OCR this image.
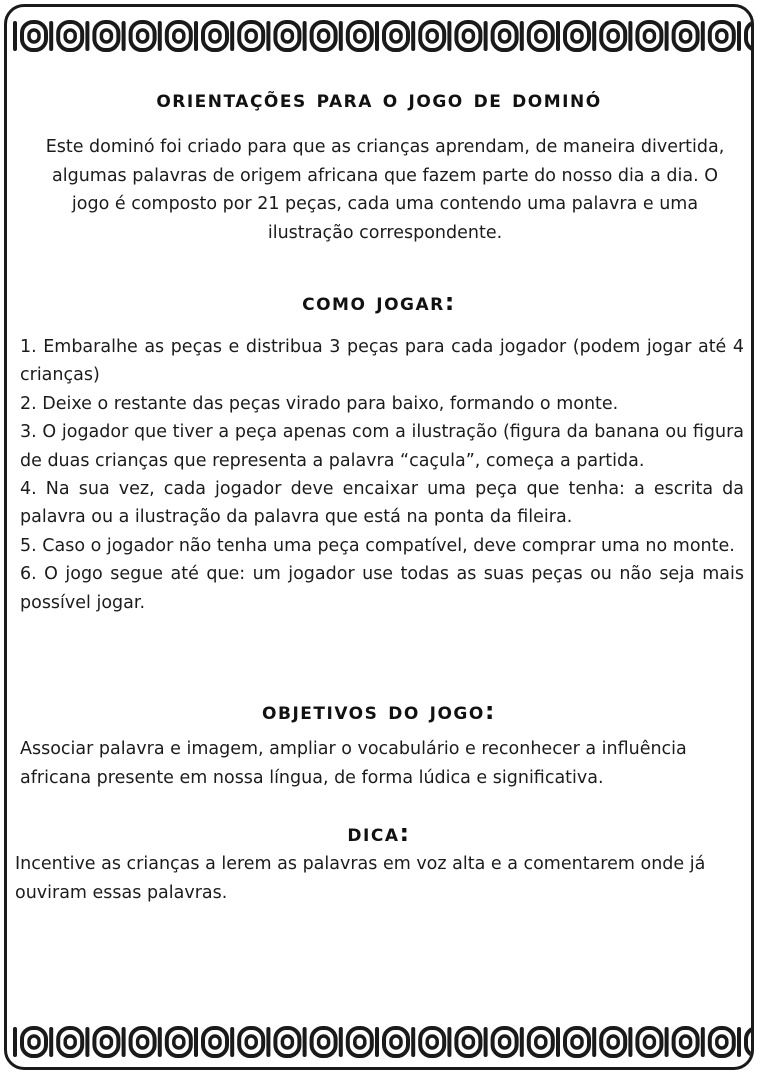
orientações para o jogo de dominó
Este dominó foi criado para que as crianças aprendam, de maneira divertida, algumas palavras de origem africana que fazem parte do nosso dia a dia. O jogo é composto por 21 peças, cada uma contendo uma palavra e uma ilustração correspondente.
como jogar:

1. Embaralhe as peças e distribua 3 peças para cada jogador (podem jogar até 4 crianças)

2. Deixe o restante das peças virado para baixo, formando o monte.

3. O jogador que tiver a peça apenas com a ilustração (figura da banana ou figura de duas crianças que representa a palavra “caçula”, começa a partida.

4. Na sua vez, cada jogador deve encaixar uma peça que tenha: a escrita da palavra ou a ilustração da palavra que está na ponta da fileira.

5. Caso o jogador não tenha uma peça compatível, deve comprar uma no monte.

6. O jogo segue até que: um jogador use todas as suas peças ou não seja mais possível jogar.

objetivos do jogo:
Associar palavra e imagem, ampliar o vocabulário e reconhecer a influência africana presente em nossa língua, de forma lúdica e significativa.
dica:
Incentive as crianças a lerem as palavras em voz alta e a comentarem onde já ouviram essas palavras.
